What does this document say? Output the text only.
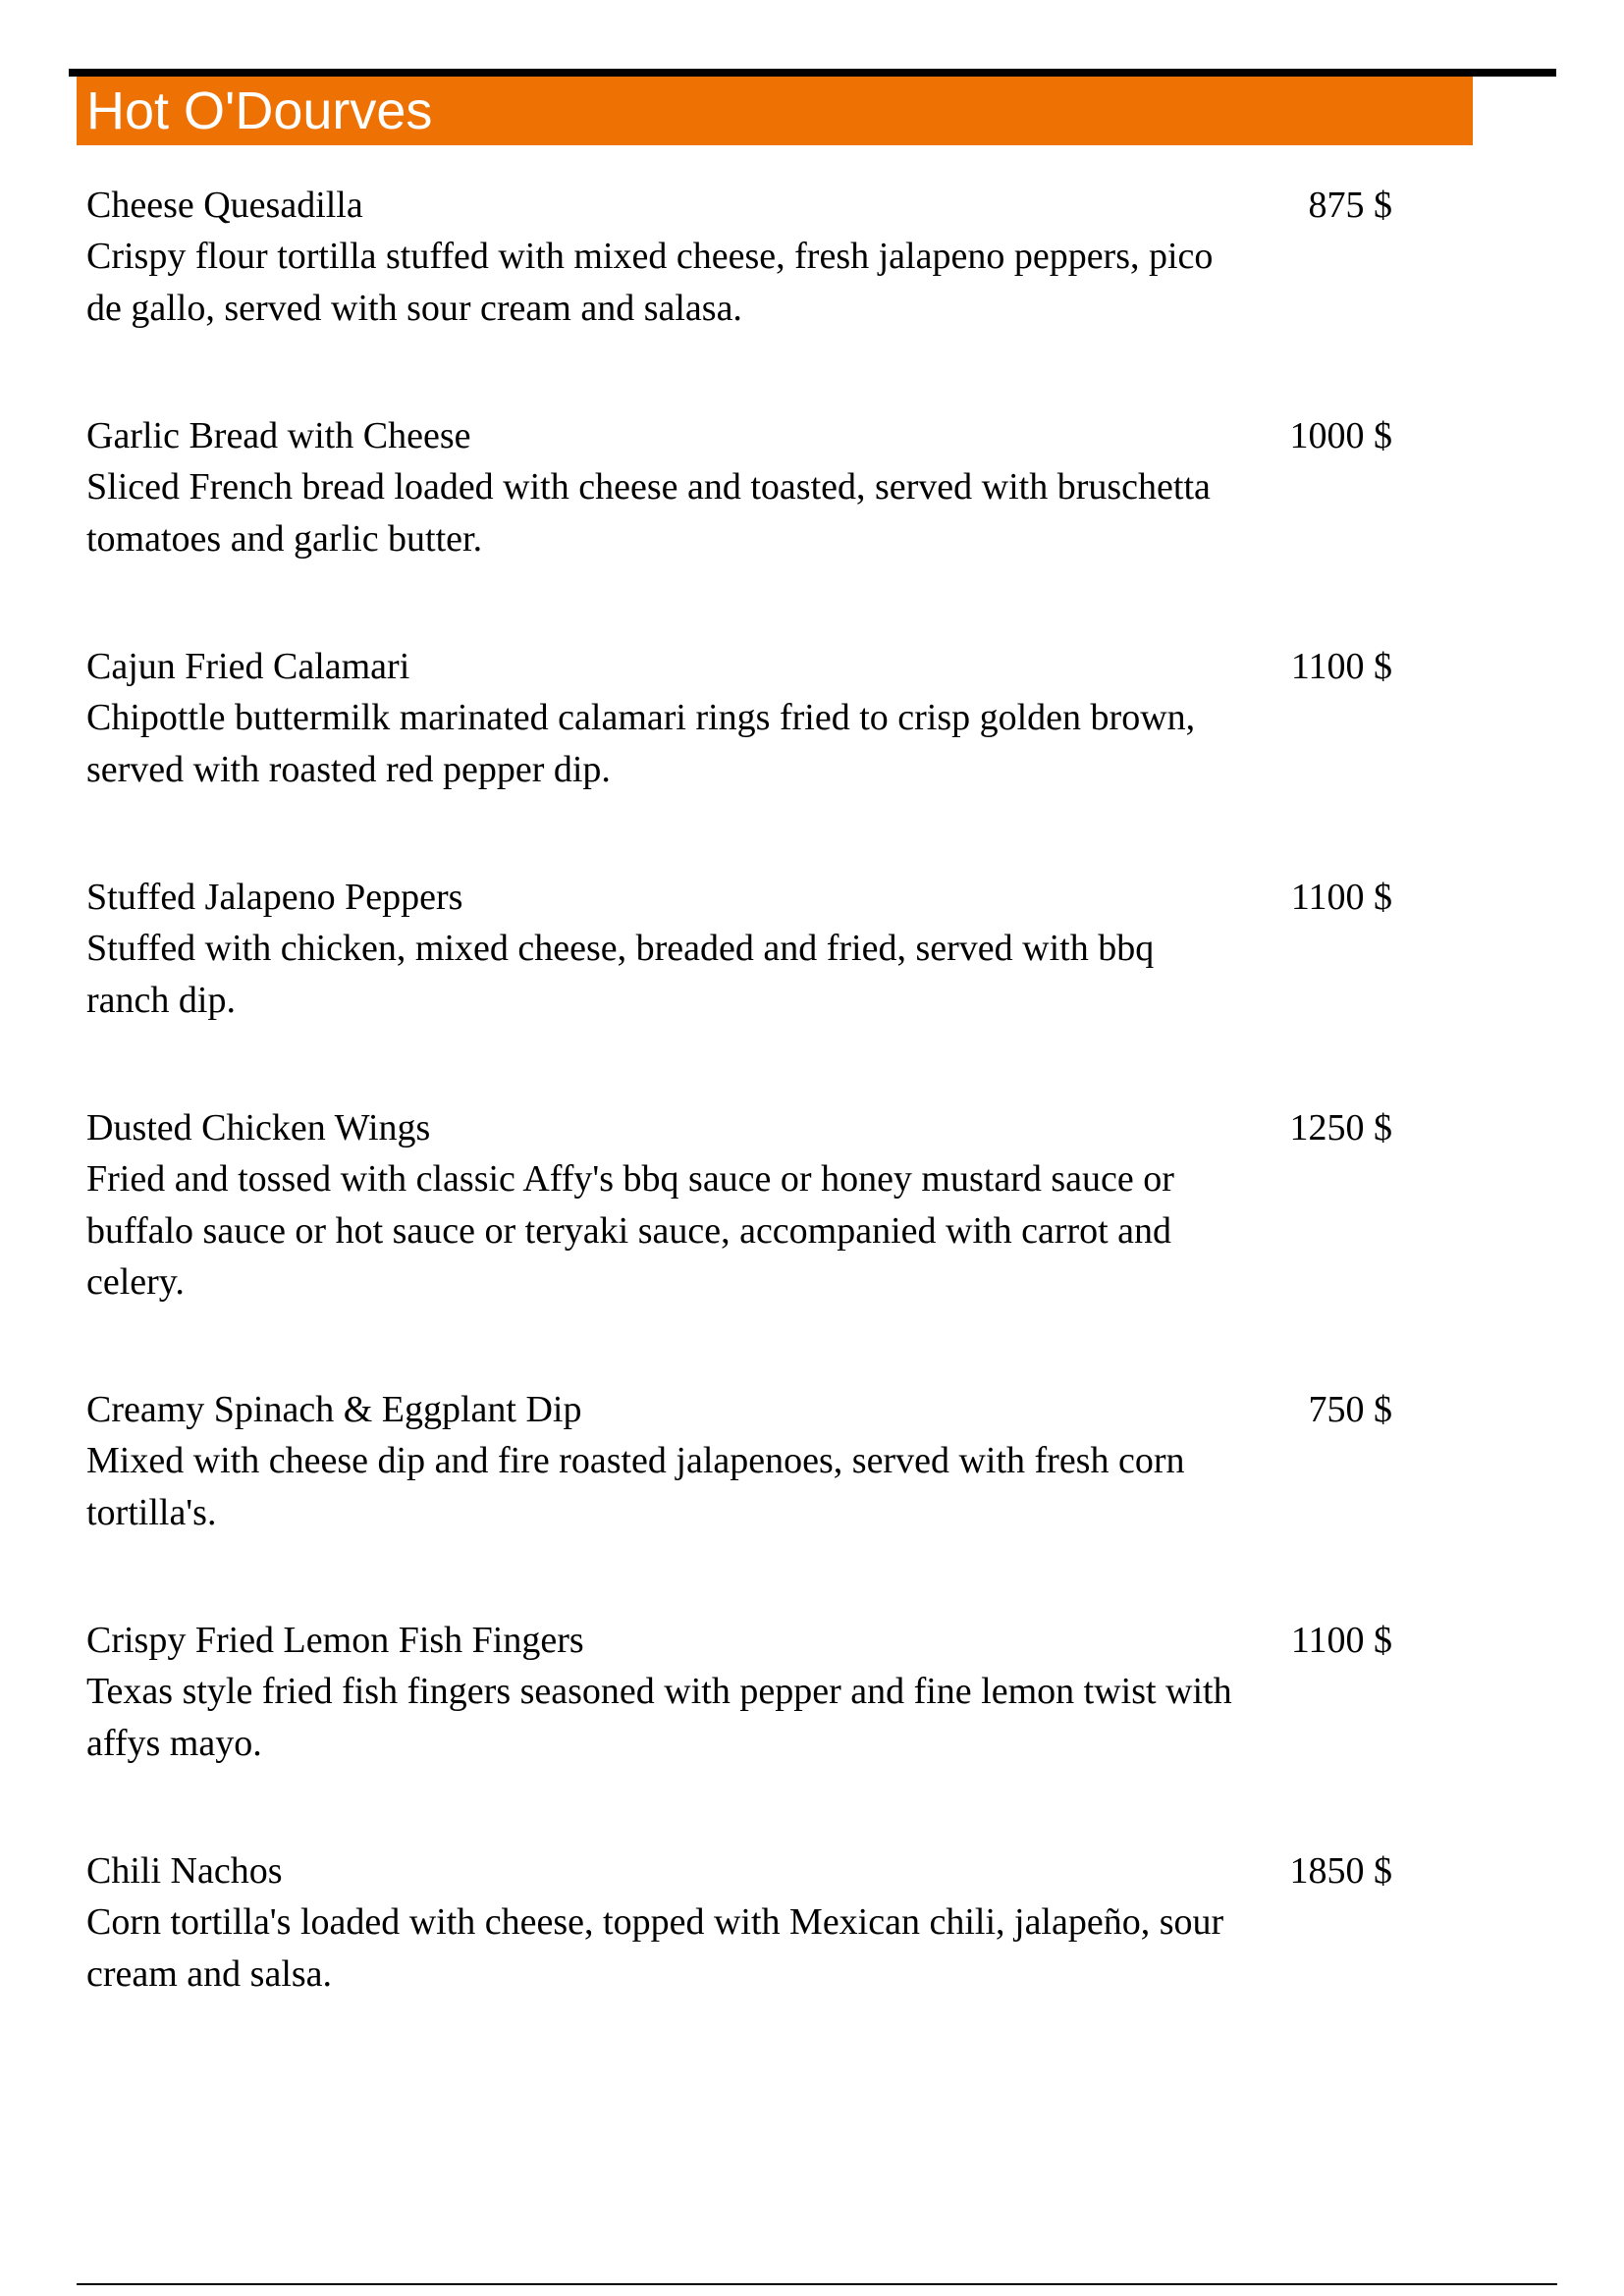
Hot O'Dourves
Cheese Quesadilla	875 $
Crispy flour tortilla stuffed with mixed cheese, fresh jalapeno peppers, pico de gallo, served with sour cream and salasa.
Garlic Bread with Cheese	1000 $
Sliced French bread loaded with cheese and toasted, served with bruschetta tomatoes and garlic butter.
Cajun Fried Calamari	1100 $
Chipottle buttermilk marinated calamari rings fried to crisp golden brown, served with roasted red pepper dip.
Stuffed Jalapeno Peppers	1100 $
Stuffed with chicken, mixed cheese, breaded and fried, served with bbq ranch dip.
Dusted Chicken Wings	1250 $
Fried and tossed with classic Affy's bbq sauce or honey mustard sauce or buffalo sauce or hot sauce or teryaki sauce, accompanied with carrot and celery.
Creamy Spinach & Eggplant Dip	750 $
Mixed with cheese dip and fire roasted jalapenoes, served with fresh corn tortilla's.
Crispy Fried Lemon Fish Fingers	1100 $
Texas style fried fish fingers seasoned with pepper and fine lemon twist with affys mayo.
Chili Nachos	1850 $
Corn tortilla's loaded with cheese, topped with Mexican chili, jalapeño, sour cream and salsa.
